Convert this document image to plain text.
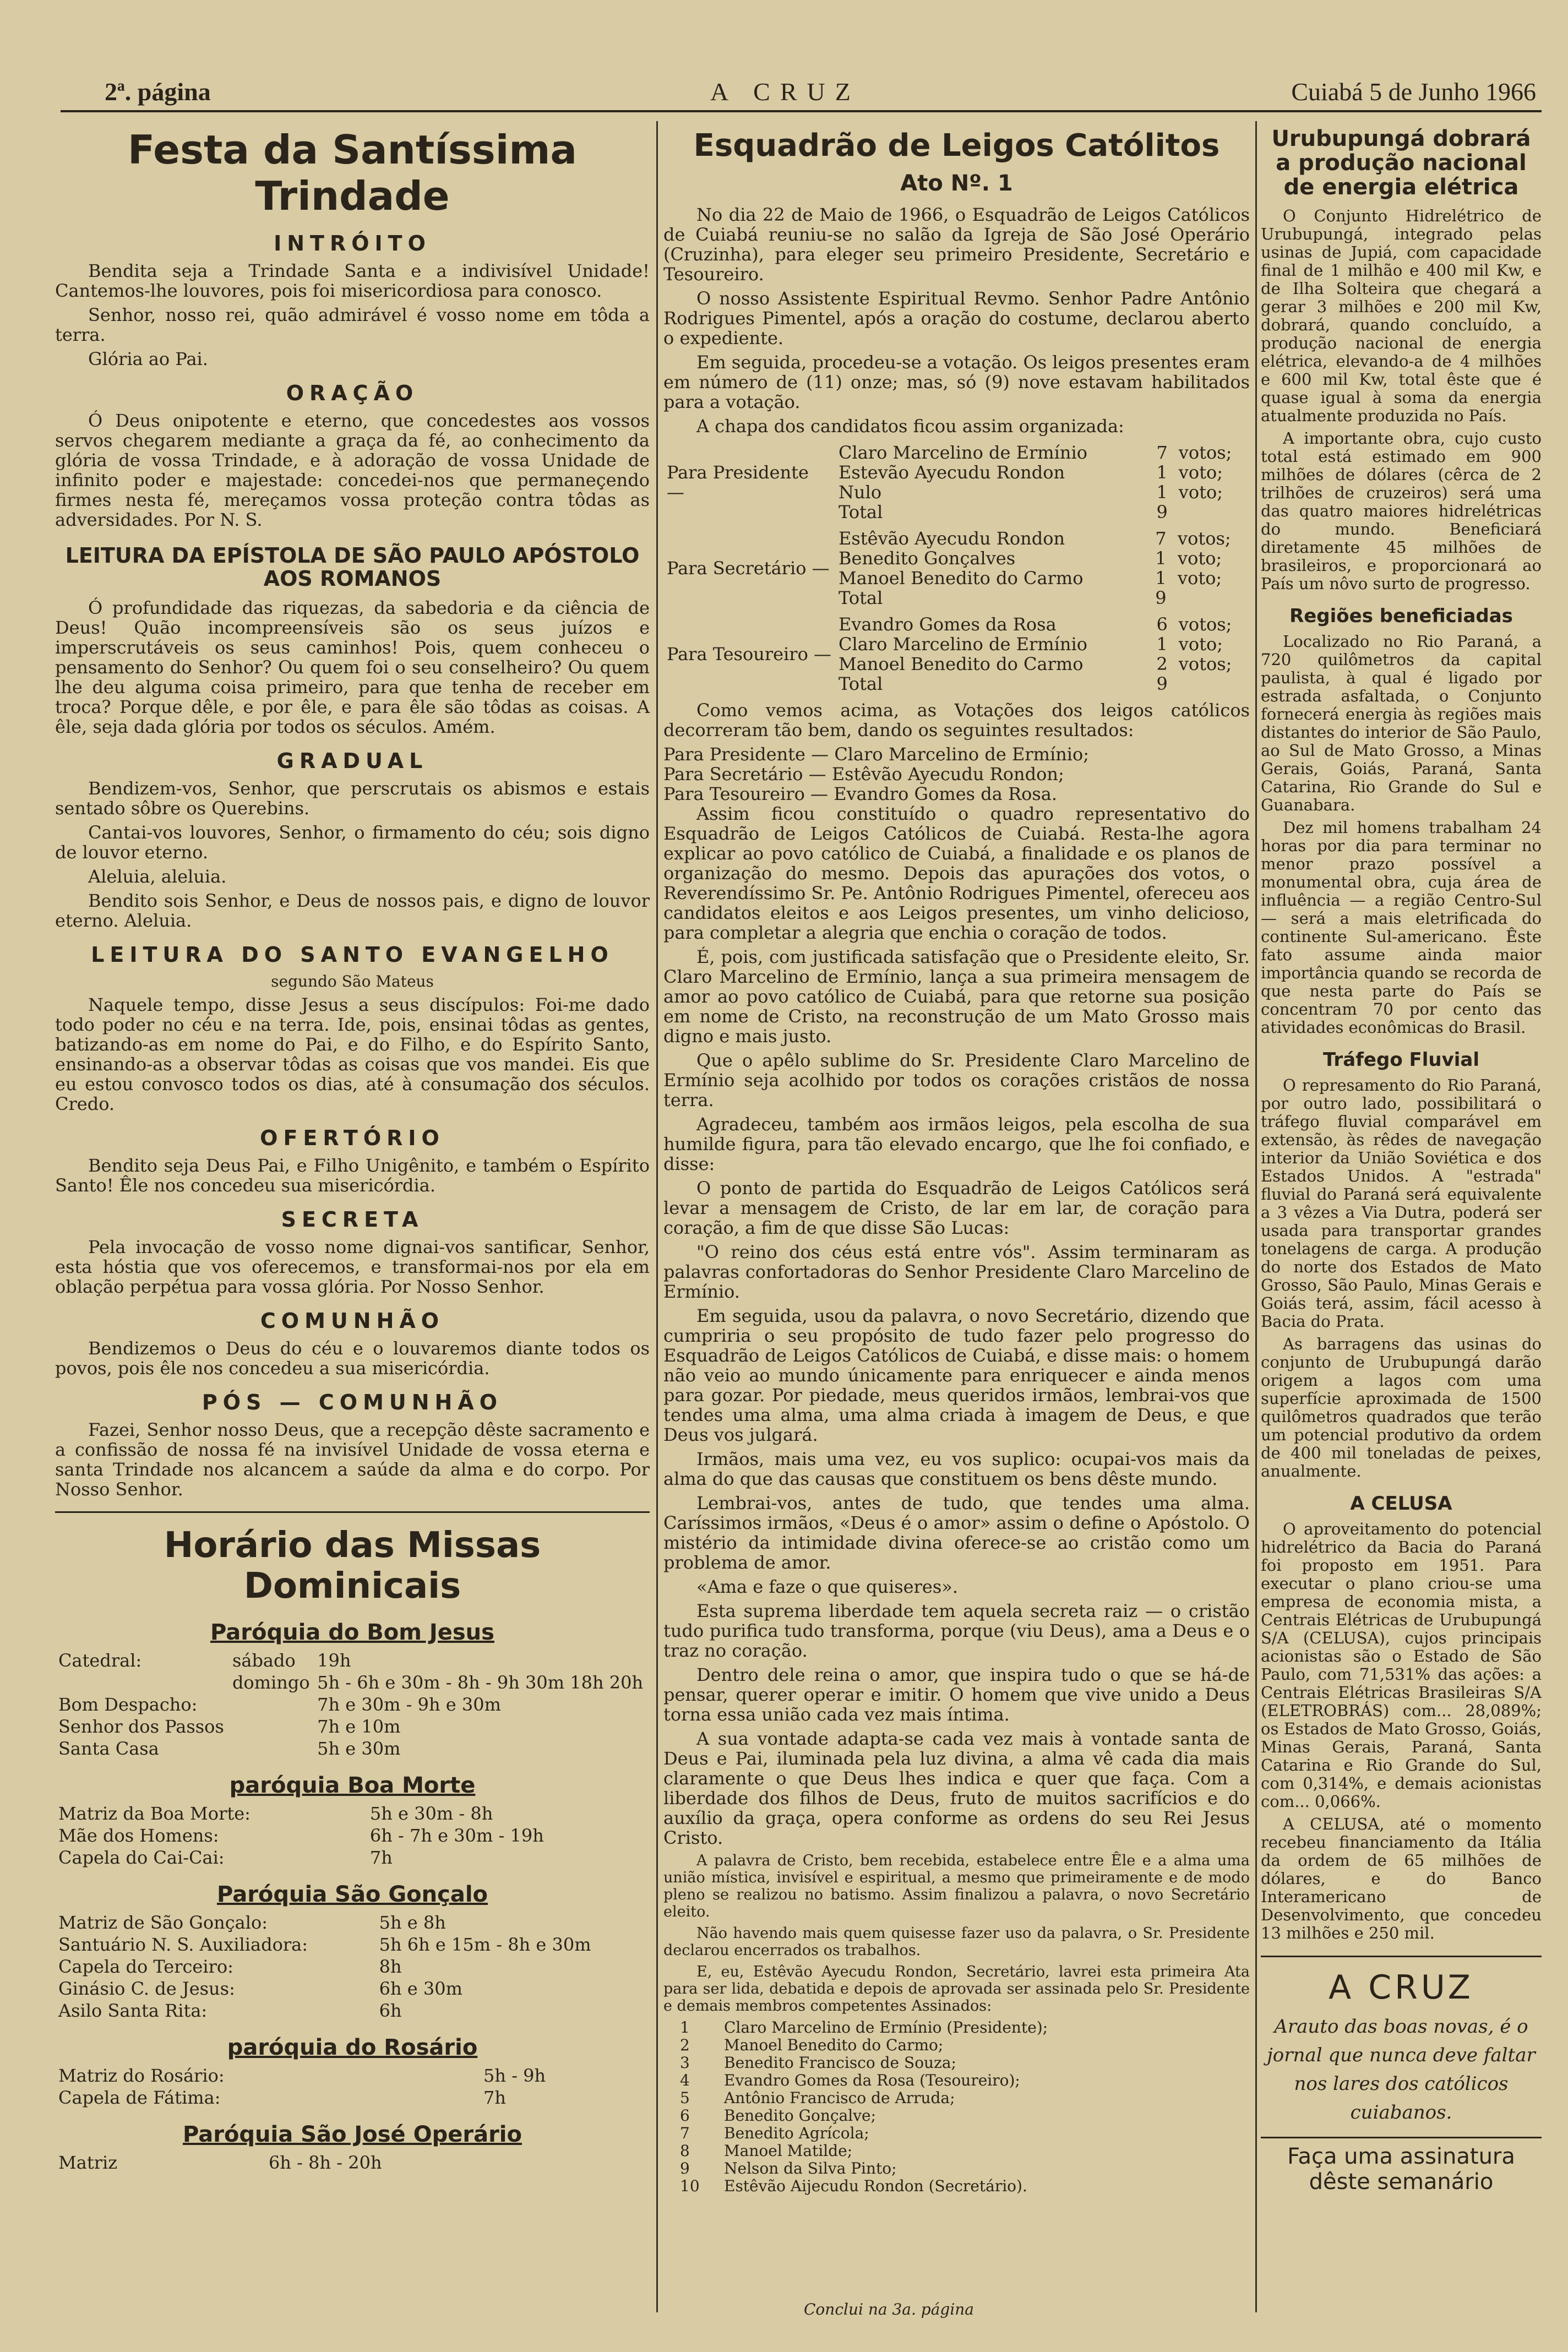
2ª. página	A CRUZ	Cuiabá 5 de Junho 1966
Festa da Santíssima Trindade
INTRÓITO

Bendita seja a Trindade Santa e a indivisível Unidade! Cantemos-lhe louvores, pois foi misericordiosa para conosco.

Senhor, nosso rei, quão admirável é vosso nome em tôda a terra.

Glória ao Pai.

ORAÇÃO

Ó Deus onipotente e eterno, que concedestes aos vossos servos chegarem mediante a graça da fé, ao conhecimento da glória de vossa Trindade, e à adoração de vossa Unidade de infinito poder e majestade: concedei-nos que permaneçendo firmes nesta fé, mereçamos vossa proteção contra tôdas as adversidades. Por N. S.

LEITURA DA EPÍSTOLA DE SÃO PAULO APÓSTOLO AOS ROMANOS

Ó profundidade das riquezas, da sabedoria e da ciência de Deus! Quão incompreensíveis são os seus juízos e imperscrutáveis os seus caminhos! Pois, quem conheceu o pensamento do Senhor? Ou quem foi o seu conselheiro? Ou quem lhe deu alguma coisa primeiro, para que tenha de receber em troca? Porque dêle, e por êle, e para êle são tôdas as coisas. A êle, seja dada glória por todos os séculos. Amém.

GRADUAL

Bendizem-vos, Senhor, que perscrutais os abismos e estais sentado sôbre os Querebins.

Cantai-vos louvores, Senhor, o firmamento do céu; sois digno de louvor eterno.

Aleluia, aleluia.

Bendito sois Senhor, e Deus de nossos pais, e digno de louvor eterno. Aleluia.

LEITURA DO SANTO EVANGELHO
segundo São Mateus

Naquele tempo, disse Jesus a seus discípulos: Foi-me dado todo poder no céu e na terra. Ide, pois, ensinai tôdas as gentes, batizando-as em nome do Pai, e do Filho, e do Espírito Santo, ensinando-as a observar tôdas as coisas que vos mandei. Eis que eu estou convosco todos os dias, até à consumação dos séculos. Credo.

OFERTÓRIO

Bendito seja Deus Pai, e Filho Unigênito, e também o Espírito Santo! Êle nos concedeu sua misericórdia.

SECRETA

Pela invocação de vosso nome dignai-vos santificar, Senhor, esta hóstia que vos oferecemos, e transformai-nos por ela em oblação perpétua para vossa glória. Por Nosso Senhor.

COMUNHÃO

Bendizemos o Deus do céu e o louvaremos diante todos os povos, pois êle nos concedeu a sua misericórdia.

PÓS — COMUNHÃO

Fazei, Senhor nosso Deus, que a recepção dêste sacramento e a confissão de nossa fé na invisível Unidade de vossa eterna e santa Trindade nos alcancem a saúde da alma e do corpo. Por Nosso Senhor.

Horário das Missas Dominicais
Paróquia do Bom Jesus
Catedral:	sábado	19h
	domingo	5h - 6h e 30m - 8h - 9h 30m 18h 20h
Bom Despacho:		7h e 30m - 9h e 30m
Senhor dos Passos		7h e 10m
Santa Casa		5h e 30m
paróquia Boa Morte
Matriz da Boa Morte:	5h e 30m - 8h
Mãe dos Homens:	6h - 7h e 30m - 19h
Capela do Cai-Cai:	7h
Paróquia São Gonçalo
Matriz de São Gonçalo:	5h e 8h
Santuário N. S. Auxiliadora:	5h 6h e 15m - 8h e 30m
Capela do Terceiro:	8h
Ginásio C. de Jesus:	6h e 30m
Asilo Santa Rita:	6h
paróquia do Rosário
Matriz do Rosário:	5h - 9h
Capela de Fátima:	7h
Paróquia São José Operário
Matriz	6h - 8h - 20h
Esquadrão de Leigos Católitos
Ato Nº. 1

No dia 22 de Maio de 1966, o Esquadrão de Leigos Católicos de Cuiabá reuniu-se no salão da Igreja de São José Operário (Cruzinha), para eleger seu primeiro Presidente, Secretário e Tesoureiro.

O nosso Assistente Espiritual Revmo. Senhor Padre Antônio Rodrigues Pimentel, após a oração do costume, declarou aberto o expediente.

Em seguida, procedeu-se a votação. Os leigos presentes eram em número de (11) onze; mas, só (9) nove estavam habilitados para a votação.

A chapa dos candidatos ficou assim organizada:

Para Presidente —	Claro Marcelino de Ermínio	7	votos;
	Estevão Ayecudu Rondon	1	voto;
	Nulo	1	voto;
	Total	9	
Para Secretário —	Estêvão Ayecudu Rondon	7	votos;
	Benedito Gonçalves	1	voto;
	Manoel Benedito do Carmo	1	voto;
	Total	9	
Para Tesoureiro —	Evandro Gomes da Rosa	6	votos;
	Claro Marcelino de Ermínio	1	voto;
	Manoel Benedito do Carmo	2	votos;
	Total	9	

Como vemos acima, as Votações dos leigos católicos decorreram tão bem, dando os seguintes resultados:

Para Presidente — Claro Marcelino de Ermínio;

Para Secretário — Estêvão Ayecudu Rondon;

Para Tesoureiro — Evandro Gomes da Rosa.

Assim ficou constituído o quadro representativo do Esquadrão de Leigos Católicos de Cuiabá. Resta-lhe agora explicar ao povo católico de Cuiabá, a finalidade e os planos de organização do mesmo. Depois das apurações dos votos, o Reverendíssimo Sr. Pe. Antônio Rodrigues Pimentel, ofereceu aos candidatos eleitos e aos Leigos presentes, um vinho delicioso, para completar a alegria que enchia o coração de todos.

É, pois, com justificada satisfação que o Presidente eleito, Sr. Claro Marcelino de Ermínio, lança a sua primeira mensagem de amor ao povo católico de Cuiabá, para que retorne sua posição em nome de Cristo, na reconstrução de um Mato Grosso mais digno e mais justo.

Que o apêlo sublime do Sr. Presidente Claro Marcelino de Ermínio seja acolhido por todos os corações cristãos de nossa terra.

Agradeceu, também aos irmãos leigos, pela escolha de sua humilde figura, para tão elevado encargo, que lhe foi confiado, e disse:

O ponto de partida do Esquadrão de Leigos Católicos será levar a mensagem de Cristo, de lar em lar, de coração para coração, a fim de que disse São Lucas:

"O reino dos céus está entre vós". Assim terminaram as palavras confortadoras do Senhor Presidente Claro Marcelino de Ermínio.

Em seguida, usou da palavra, o novo Secretário, dizendo que cumpriria o seu propósito de tudo fazer pelo progresso do Esquadrão de Leigos Católicos de Cuiabá, e disse mais: o homem não veio ao mundo únicamente para enriquecer e ainda menos para gozar. Por piedade, meus queridos irmãos, lembrai-vos que tendes uma alma, uma alma criada à imagem de Deus, e que Deus vos julgará.

Irmãos, mais uma vez, eu vos suplico: ocupai-vos mais da alma do que das causas que constituem os bens dêste mundo.

Lembrai-vos, antes de tudo, que tendes uma alma. Caríssimos irmãos, «Deus é o amor» assim o define o Apóstolo. O mistério da intimidade divina oferece-se ao cristão como um problema de amor.

«Ama e faze o que quiseres».

Esta suprema liberdade tem aquela secreta raiz — o cristão tudo purifica tudo transforma, porque (viu Deus), ama a Deus e o traz no coração.

Dentro dele reina o amor, que inspira tudo o que se há-de pensar, querer operar e imitir. O homem que vive unido a Deus torna essa união cada vez mais íntima.

A sua vontade adapta-se cada vez mais à vontade santa de Deus e Pai, iluminada pela luz divina, a alma vê cada dia mais claramente o que Deus lhes indica e quer que faça. Com a liberdade dos filhos de Deus, fruto de muitos sacrifícios e do auxílio da graça, opera conforme as ordens do seu Rei Jesus Cristo.

A palavra de Cristo, bem recebida, estabelece entre Êle e a alma uma união mística, invisível e espiritual, a mesmo que primeiramente e de modo pleno se realizou no batismo. Assim finalizou a palavra, o novo Secretário eleito.

Não havendo mais quem quisesse fazer uso da palavra, o Sr. Presidente declarou encerrados os trabalhos.

E, eu, Estêvão Ayecudu Rondon, Secretário, lavrei esta primeira Ata para ser lida, debatida e depois de aprovada ser assinada pelo Sr. Presidente e demais membros competentes Assinados:

1 Claro Marcelino de Ermínio (Presidente);
2 Manoel Benedito do Carmo;
3 Benedito Francisco de Souza;
4 Evandro Gomes da Rosa (Tesoureiro);
5 Antônio Francisco de Arruda;
6 Benedito Gonçalve;
7 Benedito Agrícola;
8 Manoel Matilde;
9 Nelson da Silva Pinto;
10 Estêvão Aijecudu Rondon (Secretário).
Conclui na 3a. página
Urubupungá dobrará a produção nacional de energia elétrica

O Conjunto Hidrelétrico de Urubupungá, integrado pelas usinas de Jupiá, com capacidade final de 1 milhão e 400 mil Kw, e de Ilha Solteira que chegará a gerar 3 milhões e 200 mil Kw, dobrará, quando concluído, a produção nacional de energia elétrica, elevando-a de 4 milhões e 600 mil Kw, total êste que é quase igual à soma da energia atualmente produzida no País.

A importante obra, cujo custo total está estimado em 900 milhões de dólares (cêrca de 2 trilhões de cruzeiros) será uma das quatro maiores hidrelétricas do mundo. Beneficiará diretamente 45 milhões de brasileiros, e proporcionará ao País um nôvo surto de progresso.

Regiões beneficiadas

Localizado no Rio Paraná, a 720 quilômetros da capital paulista, à qual é ligado por estrada asfaltada, o Conjunto fornecerá energia às regiões mais distantes do interior de São Paulo, ao Sul de Mato Grosso, a Minas Gerais, Goiás, Paraná, Santa Catarina, Rio Grande do Sul e Guanabara.

Dez mil homens trabalham 24 horas por dia para terminar no menor prazo possível a monumental obra, cuja área de influência — a região Centro-Sul — será a mais eletrificada do continente Sul-americano. Êste fato assume ainda maior importância quando se recorda de que nesta parte do País se concentram 70 por cento das atividades econômicas do Brasil.

Tráfego Fluvial

O represamento do Rio Paraná, por outro lado, possibilitará o tráfego fluvial comparável em extensão, às rêdes de navegação interior da União Soviética e dos Estados Unidos. A "estrada" fluvial do Paraná será equivalente a 3 vêzes a Via Dutra, poderá ser usada para transportar grandes tonelagens de carga. A produção do norte dos Estados de Mato Grosso, São Paulo, Minas Gerais e Goiás terá, assim, fácil acesso à Bacia do Prata.

As barragens das usinas do conjunto de Urubupungá darão origem a lagos com uma superfície aproximada de 1500 quilômetros quadrados que terão um potencial produtivo da ordem de 400 mil toneladas de peixes, anualmente.

A CELUSA

O aproveitamento do potencial hidrelétrico da Bacia do Paraná foi proposto em 1951. Para executar o plano criou-se uma empresa de economia mista, a Centrais Elétricas de Urubupungá S/A (CELUSA), cujos principais acionistas são o Estado de São Paulo, com 71,531% das ações: a Centrais Elétricas Brasileiras S/A (ELETROBRÁS) com... 28,089%; os Estados de Mato Grosso, Goiás, Minas Gerais, Paraná, Santa Catarina e Rio Grande do Sul, com 0,314%, e demais acionistas com... 0,066%.

A CELUSA, até o momento recebeu financiamento da Itália da ordem de 65 milhões de dólares, e do Banco Interamericano de Desenvolvimento, que concedeu 13 milhões e 250 mil.

A CRUZ
Arauto das boas novas, é o jornal que nunca deve faltar nos lares dos católicos cuiabanos.
Faça uma assinatura dêste semanário
